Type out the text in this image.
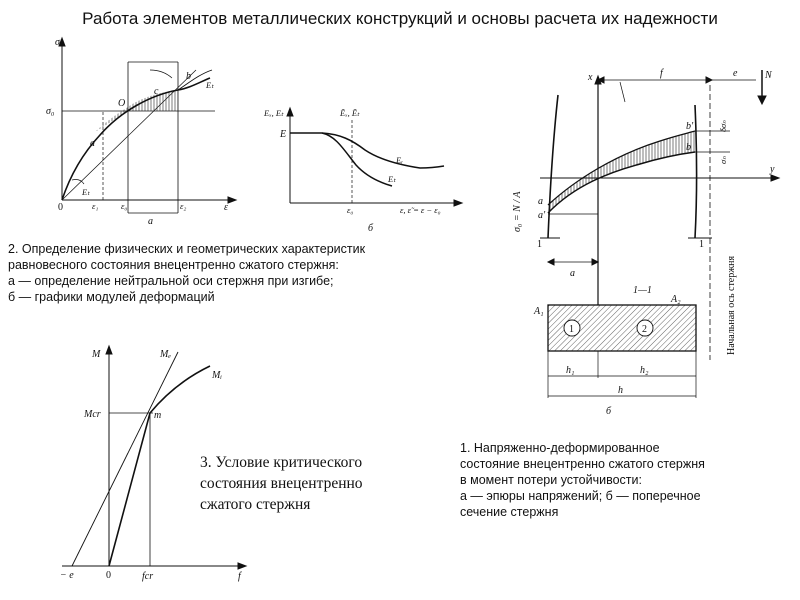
Работа элементов металлических конструкций и основы расчета их надежности
σ
σ₀
0	ε₁	ε₀	ε₂	ε
a
b
c
O
Eₜ
Eₜ
а
Eₓ, Eₜ
E
Ẽₓ, Ẽₜ
Eᵣ
Eₜ
ε₀	ε, ε̃ = ε − ε₀
б
M	Mₑ
Mᵢ
Mcr	m
− e	0	fcr	f
x	f	e	N
y
b′
b
a
a′
σ₀ = N / A
1	1
δσₙ
σₙ
а
1—1
A₁
A₂
1	2
h₁	h₂
h
б
Начальная ось стержня
2. Определение физических и геометрических характеристик
равновесного состояния внецентренно сжатого стержня:
а — определение нейтральной оси стержня при изгибе;
б — графики модулей деформаций
3. Условие критического
состояния внецентренно
сжатого стержня
1. Напряженно-деформированное
состояние внецентренно сжатого стержня
в момент потери устойчивости:
а — эпюры напряжений; б — поперечное
сечение стержня
